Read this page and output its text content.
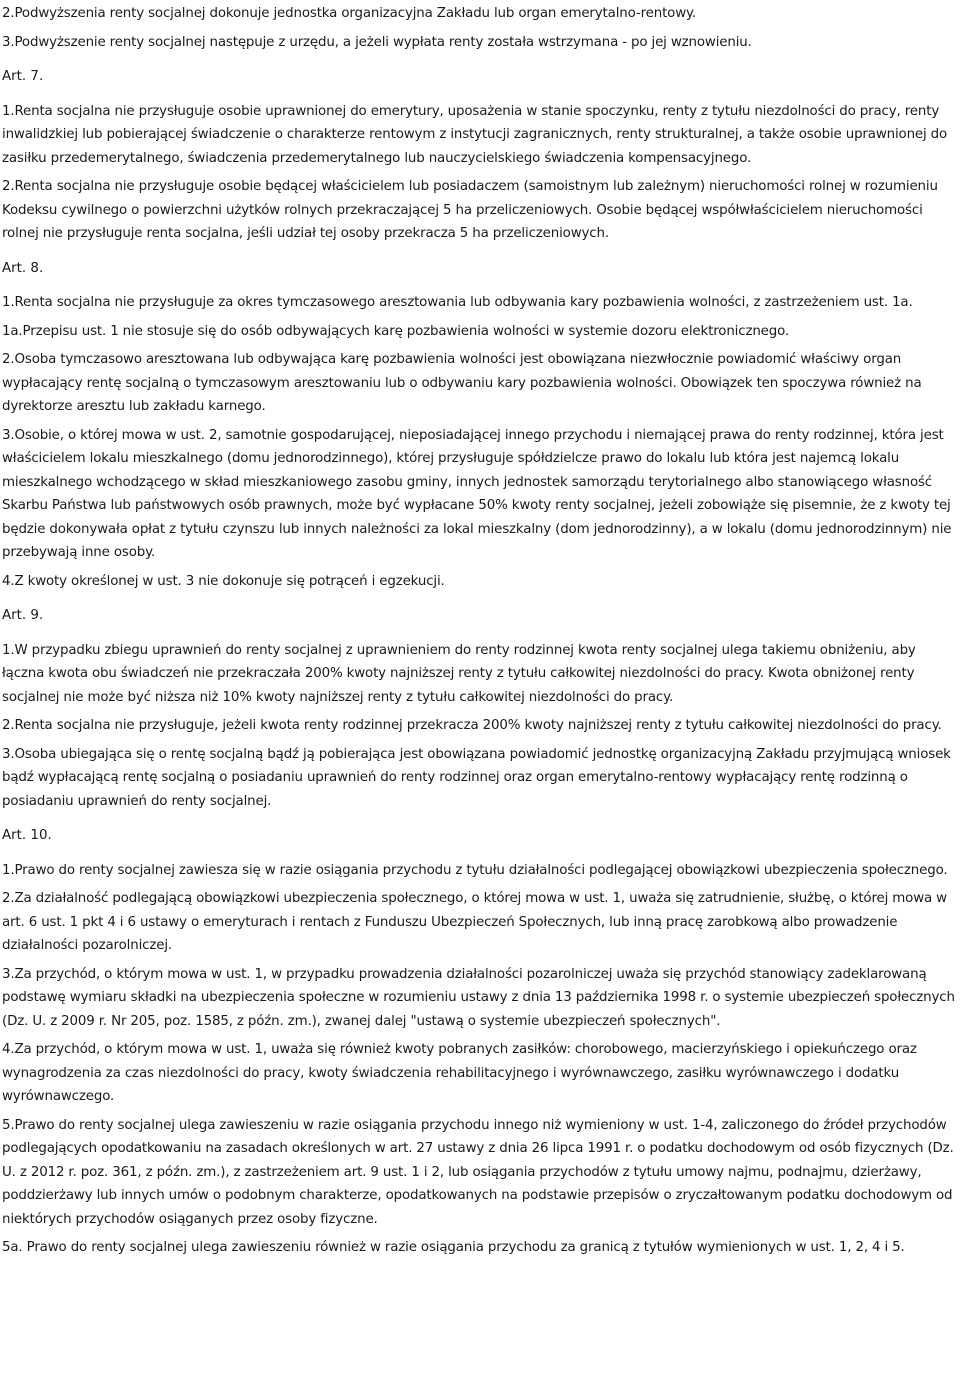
2.Podwyższenia renty socjalnej dokonuje jednostka organizacyjna Zakładu lub organ emerytalno-rentowy.

3.Podwyższenie renty socjalnej następuje z urzędu, a jeżeli wypłata renty została wstrzymana - po jej wznowieniu.

Art. 7.

1.Renta socjalna nie przysługuje osobie uprawnionej do emerytury, uposażenia w stanie spoczynku, renty z tytułu niezdolności do pracy, renty inwalidzkiej lub pobierającej świadczenie o charakterze rentowym z instytucji zagranicznych, renty strukturalnej, a także osobie uprawnionej do zasiłku przedemerytalnego, świadczenia przedemerytalnego lub nauczycielskiego świadczenia kompensacyjnego.

2.Renta socjalna nie przysługuje osobie będącej właścicielem lub posiadaczem (samoistnym lub zależnym) nieruchomości rolnej w rozumieniu Kodeksu cywilnego o powierzchni użytków rolnych przekraczającej 5 ha przeliczeniowych. Osobie będącej współwłaścicielem nieruchomości rolnej nie przysługuje renta socjalna, jeśli udział tej osoby przekracza 5 ha przeliczeniowych.

Art. 8.

1.Renta socjalna nie przysługuje za okres tymczasowego aresztowania lub odbywania kary pozbawienia wolności, z zastrzeżeniem ust. 1a.

1a.Przepisu ust. 1 nie stosuje się do osób odbywających karę pozbawienia wolności w systemie dozoru elektronicznego.

2.Osoba tymczasowo aresztowana lub odbywająca karę pozbawienia wolności jest obowiązana niezwłocznie powiadomić właściwy organ wypłacający rentę socjalną o tymczasowym aresztowaniu lub o odbywaniu kary pozbawienia wolności. Obowiązek ten spoczywa również na dyrektorze aresztu lub zakładu karnego.

3.Osobie, o której mowa w ust. 2, samotnie gospodarującej, nieposiadającej innego przychodu i niemającej prawa do renty rodzinnej, która jest właścicielem lokalu mieszkalnego (domu jednorodzinnego), której przysługuje spółdzielcze prawo do lokalu lub która jest najemcą lokalu mieszkalnego wchodzącego w skład mieszkaniowego zasobu gminy, innych jednostek samorządu terytorialnego albo stanowiącego własność Skarbu Państwa lub państwowych osób prawnych, może być wypłacane 50% kwoty renty socjalnej, jeżeli zobowiąże się pisemnie, że z kwoty tej będzie dokonywała opłat z tytułu czynszu lub innych należności za lokal mieszkalny (dom jednorodzinny), a w lokalu (domu jednorodzinnym) nie przebywają inne osoby.

4.Z kwoty określonej w ust. 3 nie dokonuje się potrąceń i egzekucji.

Art. 9.

1.W przypadku zbiegu uprawnień do renty socjalnej z uprawnieniem do renty rodzinnej kwota renty socjalnej ulega takiemu obniżeniu, aby łączna kwota obu świadczeń nie przekraczała 200% kwoty najniższej renty z tytułu całkowitej niezdolności do pracy. Kwota obniżonej renty socjalnej nie może być niższa niż 10% kwoty najniższej renty z tytułu całkowitej niezdolności do pracy.

2.Renta socjalna nie przysługuje, jeżeli kwota renty rodzinnej przekracza 200% kwoty najniższej renty z tytułu całkowitej niezdolności do pracy.

3.Osoba ubiegająca się o rentę socjalną bądź ją pobierająca jest obowiązana powiadomić jednostkę organizacyjną Zakładu przyjmującą wniosek bądź wypłacającą rentę socjalną o posiadaniu uprawnień do renty rodzinnej oraz organ emerytalno-rentowy wypłacający rentę rodzinną o posiadaniu uprawnień do renty socjalnej.

Art. 10.

1.Prawo do renty socjalnej zawiesza się w razie osiągania przychodu z tytułu działalności podlegającej obowiązkowi ubezpieczenia społecznego.

2.Za działalność podlegającą obowiązkowi ubezpieczenia społecznego, o której mowa w ust. 1, uważa się zatrudnienie, służbę, o której mowa w art. 6 ust. 1 pkt 4 i 6 ustawy o emeryturach i rentach z Funduszu Ubezpieczeń Społecznych, lub inną pracę zarobkową albo prowadzenie działalności pozarolniczej.

3.Za przychód, o którym mowa w ust. 1, w przypadku prowadzenia działalności pozarolniczej uważa się przychód stanowiący zadeklarowaną podstawę wymiaru składki na ubezpieczenia społeczne w rozumieniu ustawy z dnia 13 października 1998 r. o systemie ubezpieczeń społecznych (Dz. U. z 2009 r. Nr 205, poz. 1585, z późn. zm.), zwanej dalej "ustawą o systemie ubezpieczeń społecznych".

4.Za przychód, o którym mowa w ust. 1, uważa się również kwoty pobranych zasiłków: chorobowego, macierzyńskiego i opiekuńczego oraz wynagrodzenia za czas niezdolności do pracy, kwoty świadczenia rehabilitacyjnego i wyrównawczego, zasiłku wyrównawczego i dodatku wyrównawczego.

5.Prawo do renty socjalnej ulega zawieszeniu w razie osiągania przychodu innego niż wymieniony w ust. 1-4, zaliczonego do źródeł przychodów podlegających opodatkowaniu na zasadach określonych w art. 27 ustawy z dnia 26 lipca 1991 r. o podatku dochodowym od osób fizycznych (Dz. U. z 2012 r. poz. 361, z późn. zm.), z zastrzeżeniem art. 9 ust. 1 i 2, lub osiągania przychodów z tytułu umowy najmu, podnajmu, dzierżawy, poddzierżawy lub innych umów o podobnym charakterze, opodatkowanych na podstawie przepisów o zryczałtowanym podatku dochodowym od niektórych przychodów osiąganych przez osoby fizyczne.

5a. Prawo do renty socjalnej ulega zawieszeniu również w razie osiągania przychodu za granicą z tytułów wymienionych w ust. 1, 2, 4 i 5.
